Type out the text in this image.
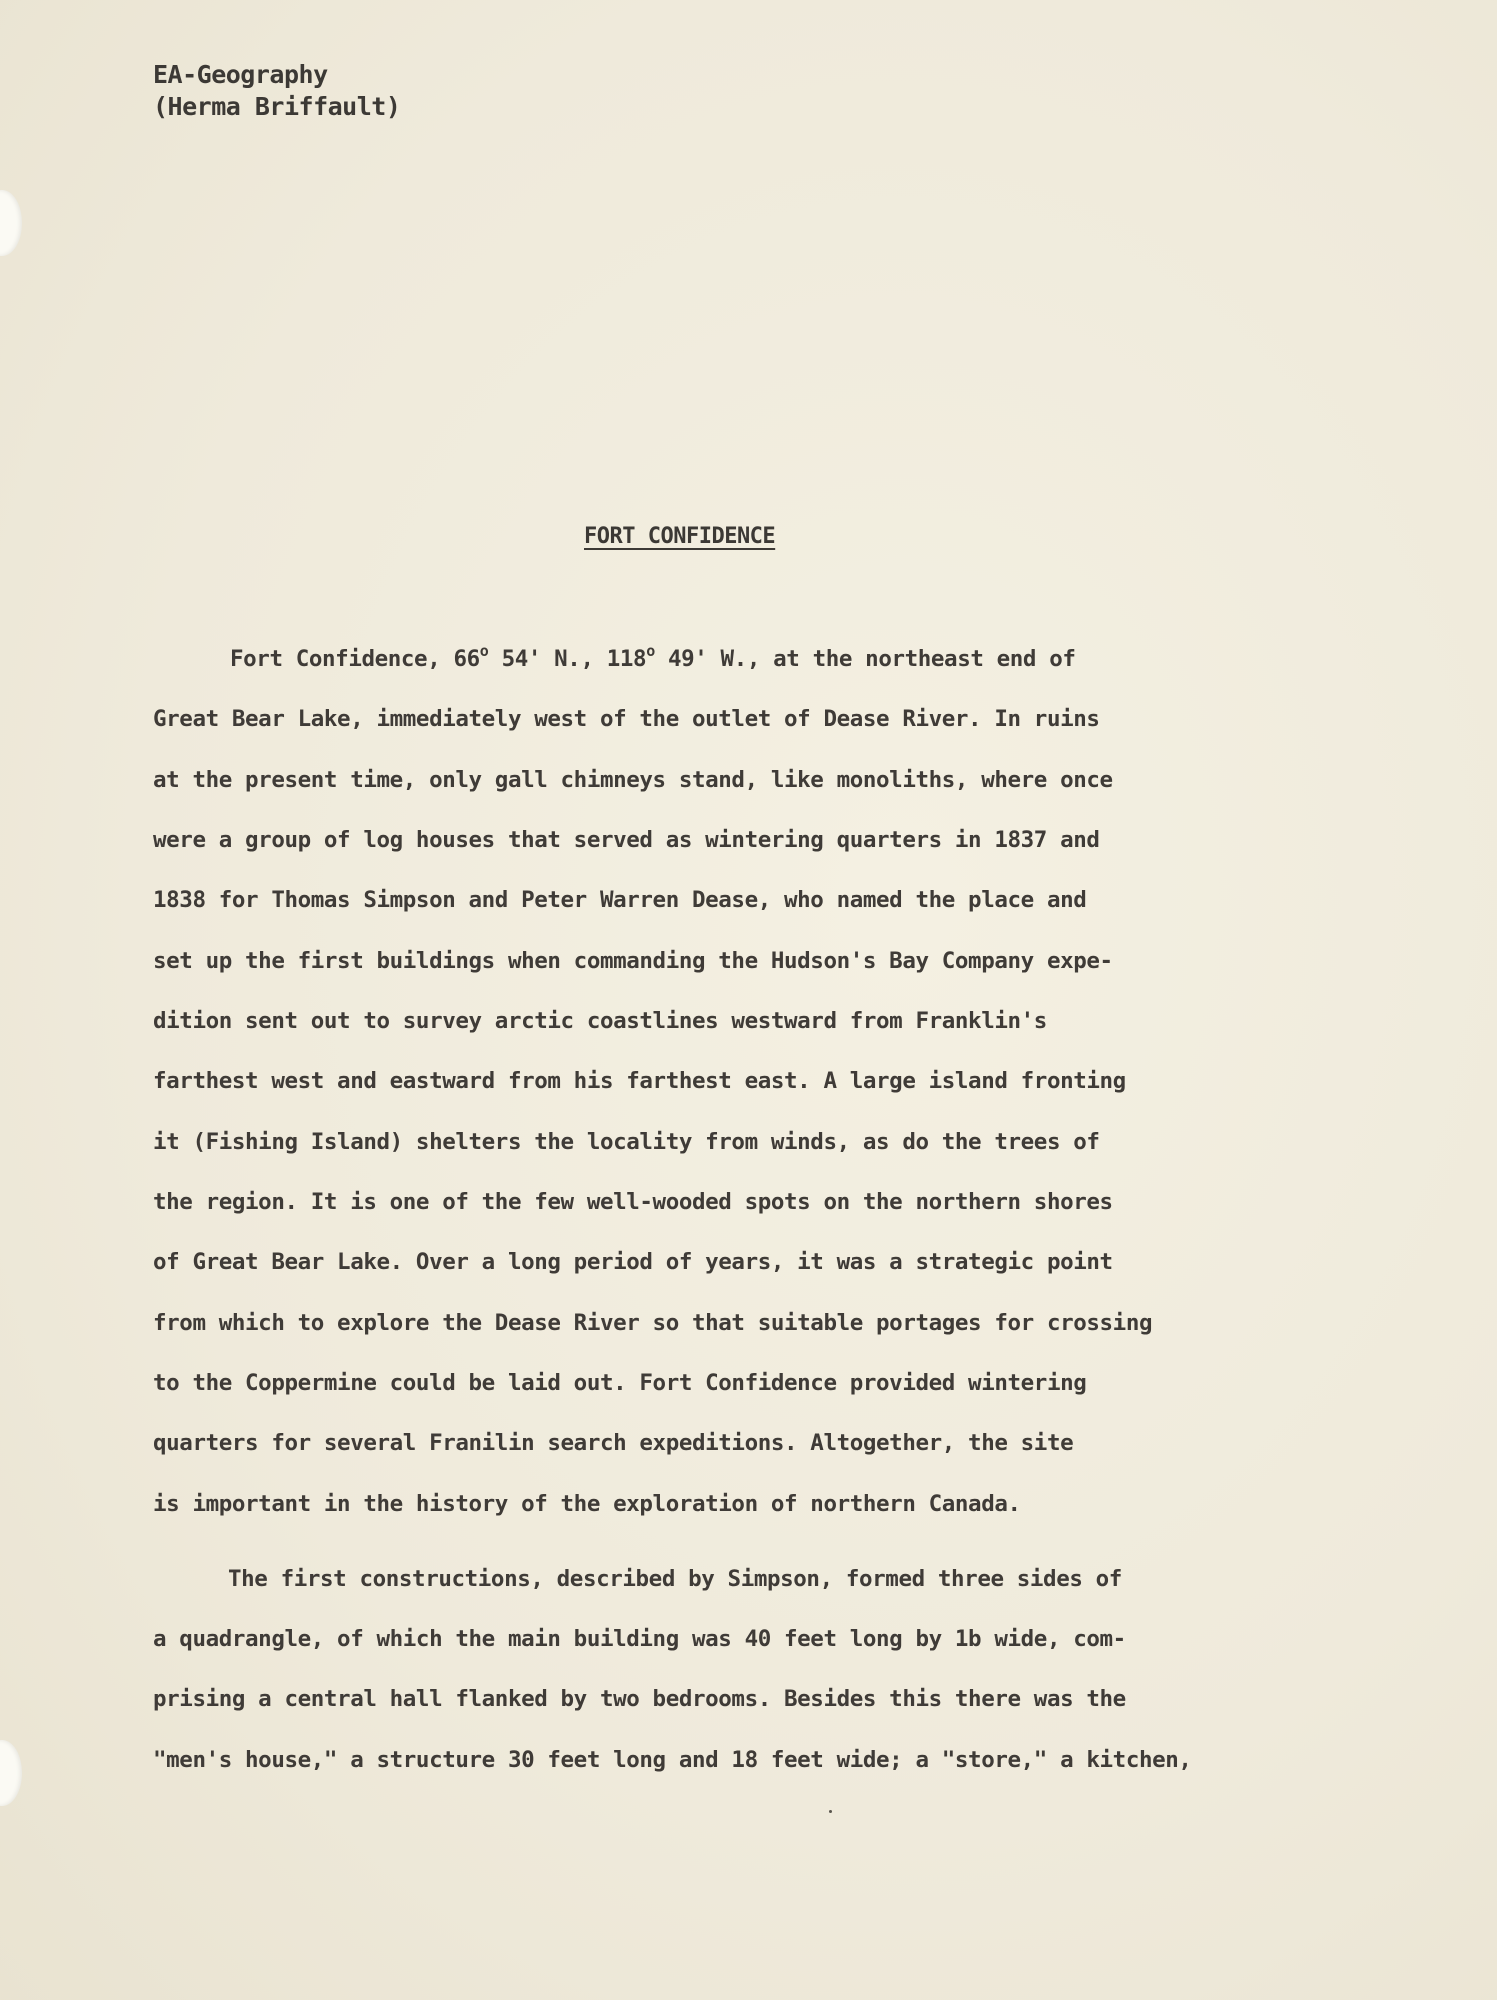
EA-Geography
(Herma Briffault)
FORT CONFIDENCE
Fort Confidence, 66$^o$ 54' N., 118$^o$ 49' W., at the northeast end of
Great Bear Lake, immediately west of the outlet of Dease River. In ruins
at the present time, only gall chimneys stand, like monoliths, where once
were a group of log houses that served as wintering quarters in 1837 and
1838 for Thomas Simpson and Peter Warren Dease, who named the place and
set up the first buildings when commanding the Hudson's Bay Company expe-
dition sent out to survey arctic coastlines westward from Franklin's
farthest west and eastward from his farthest east. A large island fronting
it (Fishing Island) shelters the locality from winds, as do the trees of
the region. It is one of the few well-wooded spots on the northern shores
of Great Bear Lake. Over a long period of years, it was a strategic point
from which to explore the Dease River so that suitable portages for crossing
to the Coppermine could be laid out. Fort Confidence provided wintering
quarters for several Franilin search expeditions. Altogether, the site
is important in the history of the exploration of northern Canada.
The first constructions, described by Simpson, formed three sides of
a quadrangle, of which the main building was 40 feet long by 1b wide, com-
prising a central hall flanked by two bedrooms. Besides this there was the
"men's house," a structure 30 feet long and 18 feet wide; a "store," a kitchen,
